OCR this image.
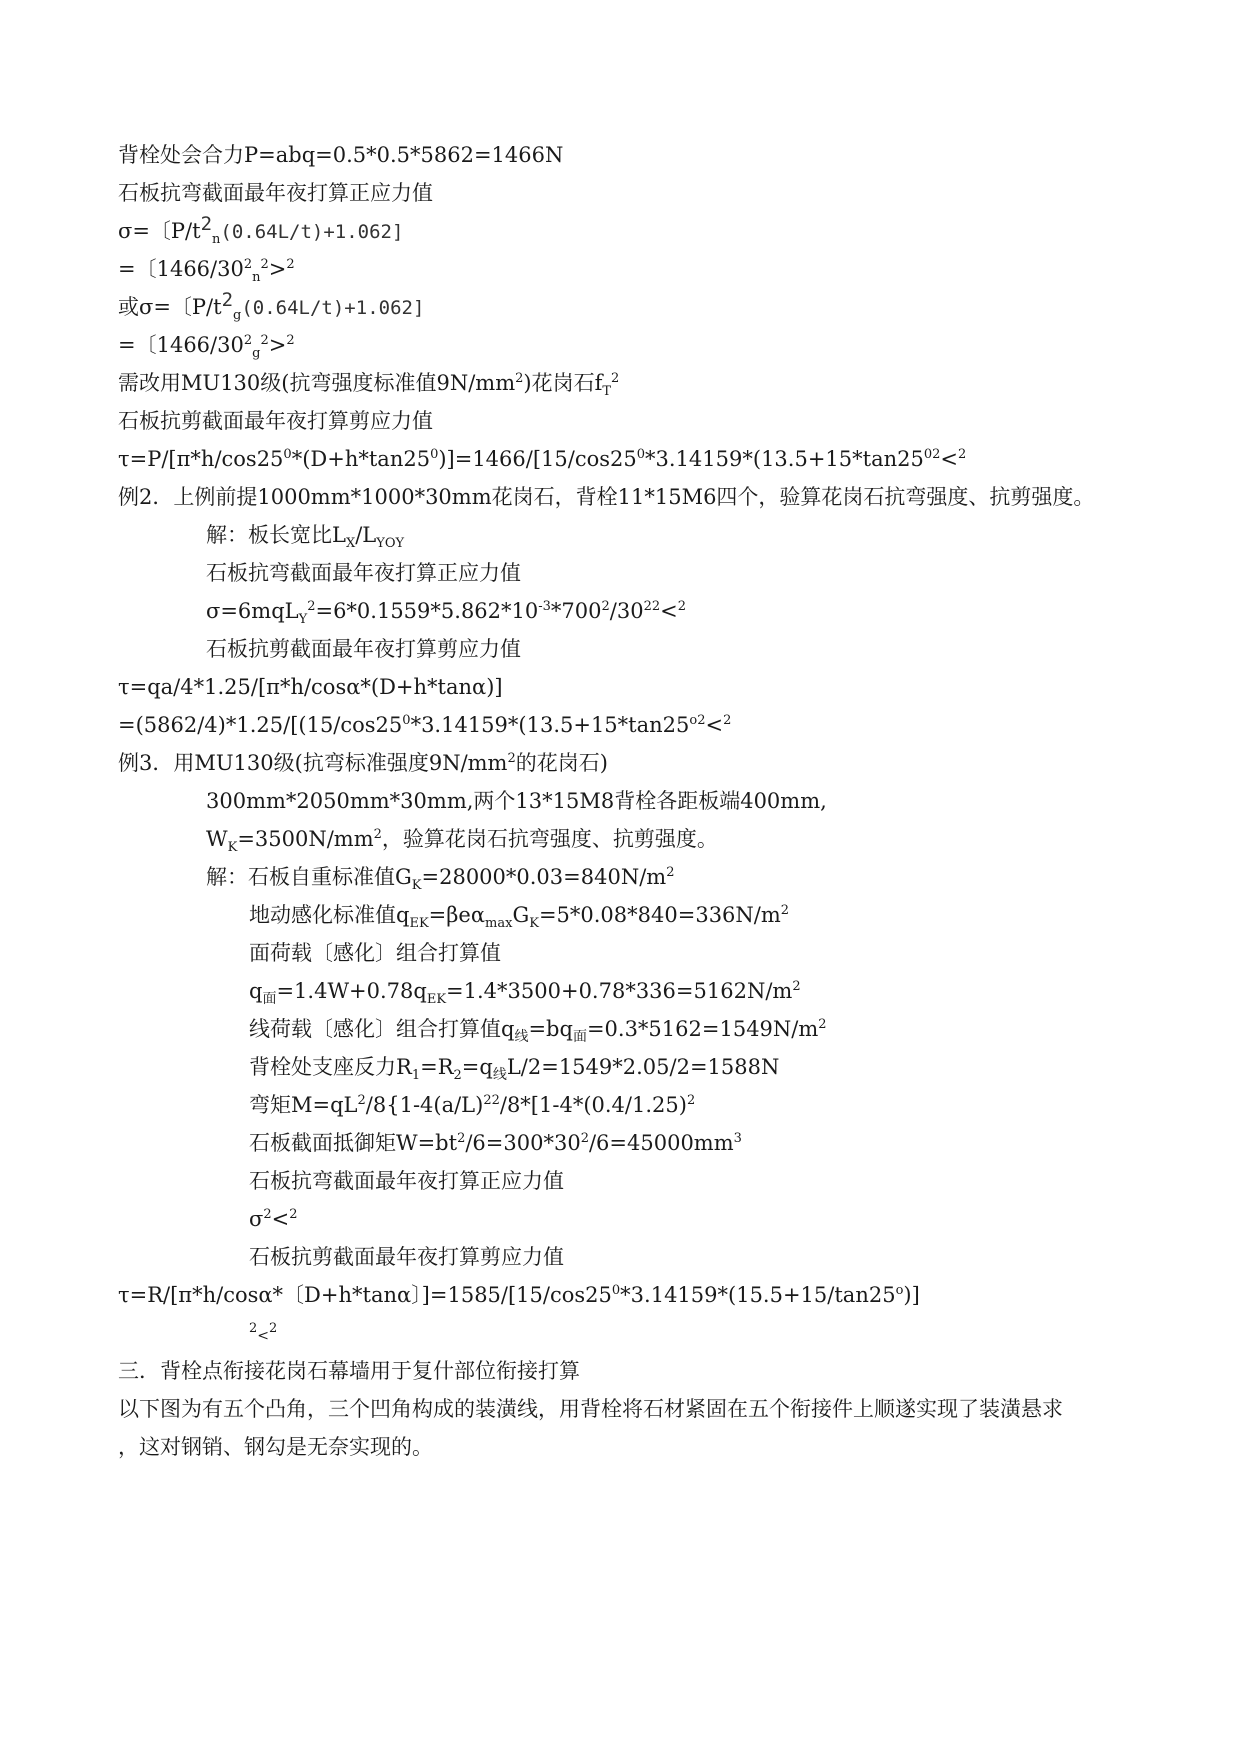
背栓处会合力P=abq=0.5*0.5*5862=1466N
石板抗弯截面最年夜打算正应力值
σ=〔$P/t^2_n(0.64L/t)+1.062$]
=〔$1466/30^2_n^2>^2$
或σ=〔$P/t^2_g(0.64L/t)+1.062$]
=〔$1466/30^2_g^2>^2$
需改用MU130级(抗弯强度标准值$9N/mm^2$)花岗石$f_T^2$
石板抗剪截面最年夜打算剪应力值
$\tau=P/[\pi*h/\cos 25^0*(D+h*\tan 25^0)]=1466/[15/\cos 25^0*3.14159*(13.5+15*\tan 25^{02}<^2$
例2．上例前提1000mm*1000*30mm花岗石，背栓11*15M6四个，验算花岗石抗弯强度、抗剪强度。
解：板长宽比$L_X/L_{YOY}$
石板抗弯截面最年夜打算正应力值
$\sigma=6mqL_Y^2=6*0.1559*5.862*10^{-3}*700^2/30^{22}<^2$
石板抗剪截面最年夜打算剪应力值
τ=qa/4*1.25/[π*h/cosα*(D+h*tanα)]
$=(5862/4)*1.25/[(15/\cos 25^0*3.14159*(13.5+15*\tan 25^{o2}<^2$
例3．用MU130级(抗弯标准强度$9N/mm^2$的花岗石)
300mm*2050mm*30mm,两个13*15M8背栓各距板端400mm,
$W_K=3500N/mm^2$，验算花岗石抗弯强度、抗剪强度。
解：石板自重标准值$G_K=28000*0.03=840N/m^2$
地动感化标准值$q_{EK}=\beta e\alpha_{max}G_K=5*0.08*840=336N/m^2$
面荷载〔感化〕组合打算值
$q_面=1.4W+0.78q_{EK}=1.4*3500+0.78*336=5162N/m^2$
线荷载〔感化〕组合打算值$q_线=bq_面=0.3*5162=1549N/m^2$
背栓处支座反力$R_1=R_2=q_线L/2=1549*2.05/2=1588N$
弯矩$M=qL^2/8\{1-4(a/L)^{22}/8*[1-4*(0.4/1.25)^2$
石板截面抵御矩$W=bt^2/6=300*30^2/6=45000mm^3$
石板抗弯截面最年夜打算正应力值
$\sigma^2<^2$
石板抗剪截面最年夜打算剪应力值
τ=R/[π*h/cosα*〔D+h*tanα〕]$=1585/[15/\cos 25^0*3.14159*(15.5+15/\tan 25^o)]$
$^2$<$^2$
三．背栓点衔接花岗石幕墙用于复什部位衔接打算
以下图为有五个凸角，三个凹角构成的装潢线，用背栓将石材紧固在五个衔接件上顺遂实现了装潢悬求
，这对钢销、钢勾是无奈实现的。
